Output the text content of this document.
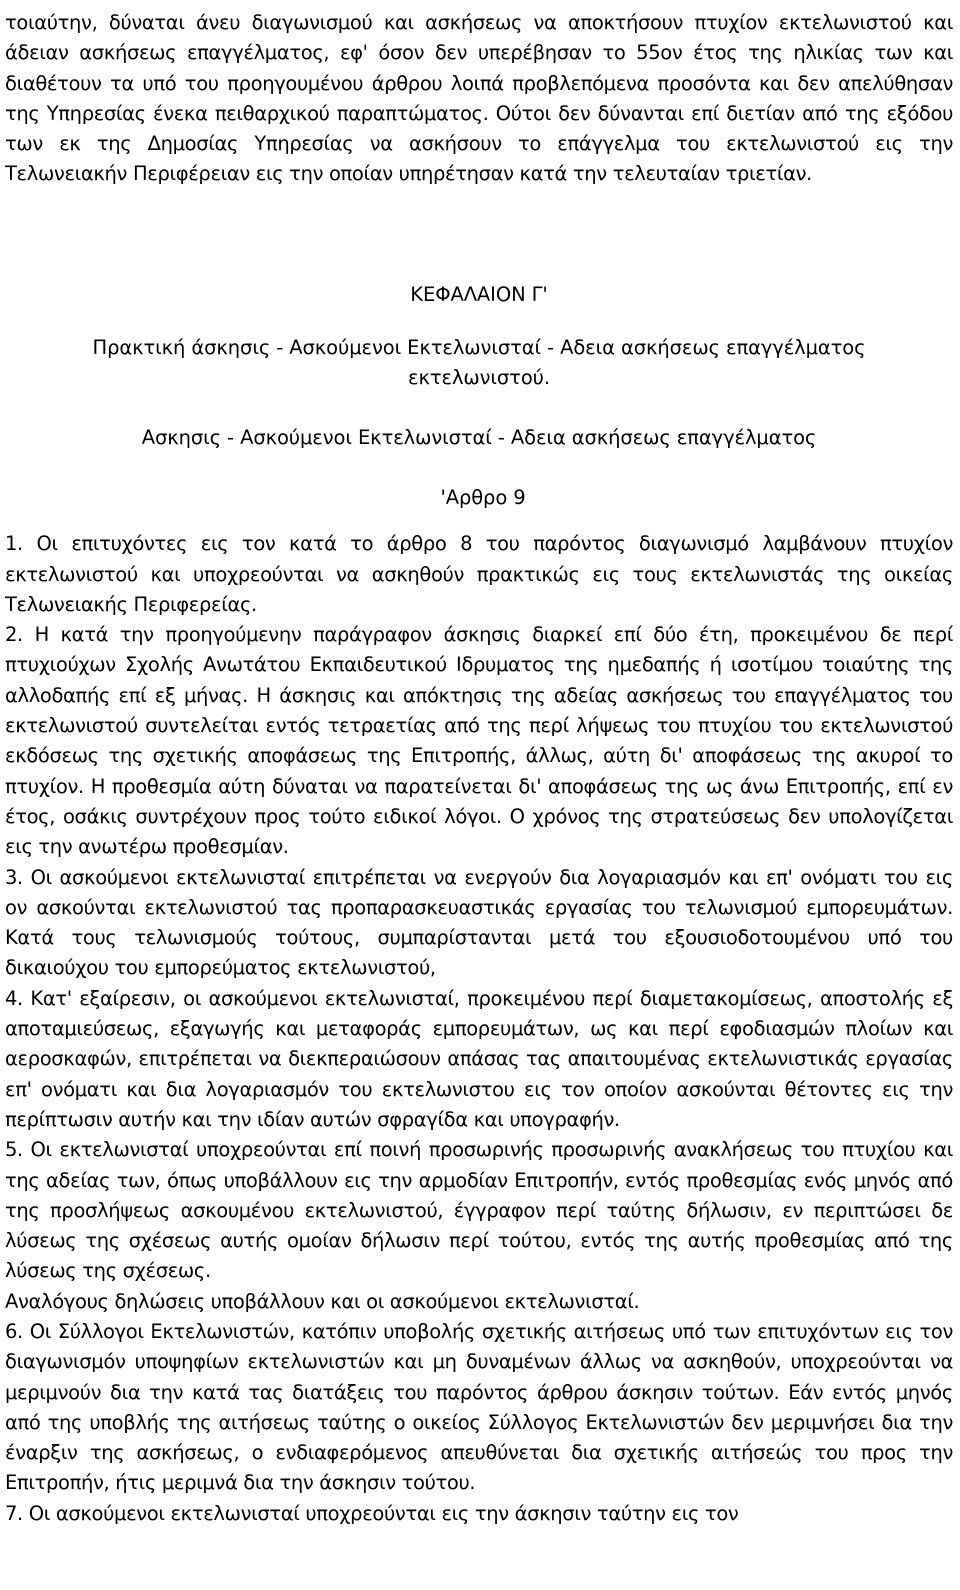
τοιαύτην, δύναται άνευ διαγωνισμού και ασκήσεως να αποκτήσουν πτυχίον εκτελωνιστού και άδειαν ασκήσεως επαγγέλματος, εφ' όσον δεν υπερέβησαν το 55ον έτος της ηλικίας των και διαθέτουν τα υπό του προηγουμένου άρθρου λοιπά προβλεπόμενα προσόντα και δεν απελύθησαν της Υπηρεσίας ένεκα πειθαρχικού παραπτώματος. Ούτοι δεν δύνανται επί διετίαν από της εξόδου των εκ της Δημοσίας Υπηρεσίας να ασκήσουν το επάγγελμα του εκτελωνιστού εις την Τελωνειακήν Περιφέρειαν εις την οποίαν υπηρέτησαν κατά την τελευταίαν τριετίαν.

ΚΕΦΑΛΑΙΟΝ Γ'

Πρακτική άσκησις - Ασκούμενοι Εκτελωνισταί - Αδεια ασκήσεως επαγγέλματος εκτελωνιστού.

Ασκησις - Ασκούμενοι Εκτελωνισταί - Αδεια ασκήσεως επαγγέλματος

'Αρθρο 9

1. Οι επιτυχόντες εις τον κατά το άρθρο 8 του παρόντος διαγωνισμό λαμβάνουν πτυχίον εκτελωνιστού και υποχρεούνται να ασκηθούν πρακτικώς εις τους εκτελωνιστάς της οικείας Τελωνειακής Περιφερείας.

2. Η κατά την προηγούμενην παράγραφον άσκησις διαρκεί επί δύο έτη, προκειμένου δε περί πτυχιούχων Σχολής Ανωτάτου Εκπαιδευτικού Ιδρυματος της ημεδαπής ή ισοτίμου τοιαύτης της αλλοδαπής επί εξ μήνας. Η άσκησις και απόκτησις της αδείας ασκήσεως του επαγγέλματος του εκτελωνιστού συντελείται εντός τετραετίας από της περί λήψεως του πτυχίου του εκτελωνιστού εκδόσεως της σχετικής αποφάσεως της Επιτροπής, άλλως, αύτη δι' αποφάσεως της ακυροί το πτυχίον. Η προθεσμία αύτη δύναται να παρατείνεται δι' αποφάσεως της ως άνω Επιτροπής, επί εν έτος, οσάκις συντρέχουν προς τούτο ειδικοί λόγοι. Ο χρόνος της στρατεύσεως δεν υπολογίζεται εις την ανωτέρω προθεσμίαν.

3. Οι ασκούμενοι εκτελωνισταί επιτρέπεται να ενεργούν δια λογαριασμόν και επ' ονόματι του εις ον ασκούνται εκτελωνιστού τας προπαρασκευαστικάς εργασίας του τελωνισμού εμπορευμάτων. Κατά τους τελωνισμούς τούτους, συμπαρίστανται μετά του εξουσιοδοτουμένου υπό του δικαιούχου του εμπορεύματος εκτελωνιστού,

4. Κατ' εξαίρεσιν, οι ασκούμενοι εκτελωνισταί, προκειμένου περί διαμετακομίσεως, αποστολής εξ αποταμιεύσεως, εξαγωγής και μεταφοράς εμπορευμάτων, ως και περί εφοδιασμών πλοίων και αεροσκαφών, επιτρέπεται να διεκπεραιώσουν απάσας τας απαιτουμένας εκτελωνιστικάς εργασίας επ' ονόματι και δια λογαριασμόν του εκτελωνιστου εις τον οποίον ασκούνται θέτοντες εις την περίπτωσιν αυτήν και την ιδίαν αυτών σφραγίδα και υπογραφήν.

5. Οι εκτελωνισταί υποχρεούνται επί ποινή προσωρινής προσωρινής ανακλήσεως του πτυχίου και της αδείας των, όπως υποβάλλουν εις την αρμοδίαν Επιτροπήν, εντός προθεσμίας ενός μηνός από της προσλήψεως ασκουμένου εκτελωνιστού, έγγραφον περί ταύτης δήλωσιν, εν περιπτώσει δε λύσεως της σχέσεως αυτής ομοίαν δήλωσιν περί τούτου, εντός της αυτής προθεσμίας από της λύσεως της σχέσεως.

Αναλόγους δηλώσεις υποβάλλουν και οι ασκούμενοι εκτελωνισταί.

6. Οι Σύλλογοι Εκτελωνιστών, κατόπιν υποβολής σχετικής αιτήσεως υπό των επιτυχόντων εις τον διαγωνισμόν υποψηφίων εκτελωνιστών και μη δυναμένων άλλως να ασκηθούν, υποχρεούνται να μεριμνούν δια την κατά τας διατάξεις του παρόντος άρθρου άσκησιν τούτων. Εάν εντός μηνός από της υποβλής της αιτήσεως ταύτης ο οικείος Σύλλογος Εκτελωνιστών δεν μεριμνήσει δια την έναρξιν της ασκήσεως, ο ενδιαφερόμενος απευθύνεται δια σχετικής αιτήσεώς του προς την Επιτροπήν, ήτις μεριμνά δια την άσκησιν τούτου.

7. Οι ασκούμενοι εκτελωνισταί υποχρεούνται εις την άσκησιν ταύτην εις τον
